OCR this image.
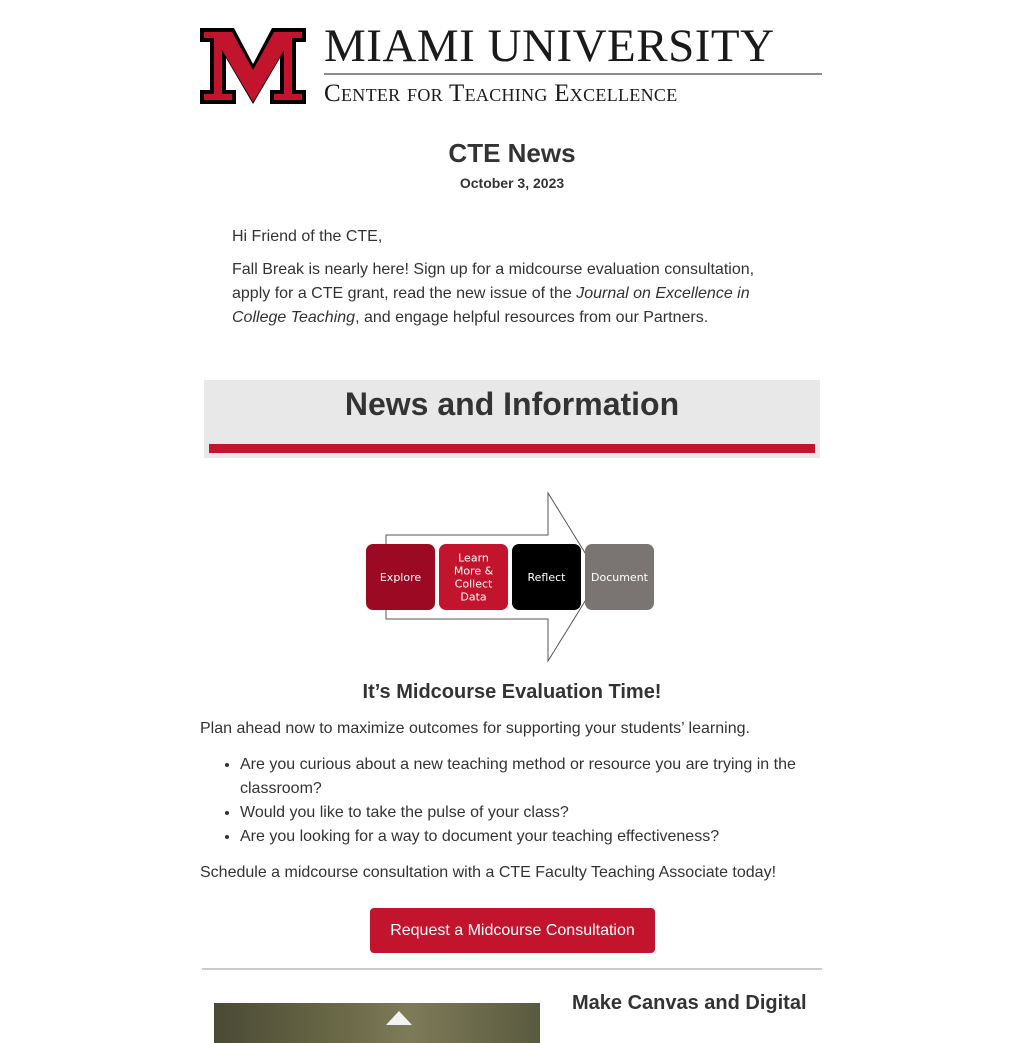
MIAMI UNIVERSITY
Center for Teaching Excellence
CTE News
October 3, 2023
Hi Friend of the CTE,
Fall Break is nearly here! Sign up for a midcourse evaluation consultation, apply for a CTE grant, read the new issue of the Journal on Excellence in College Teaching, and engage helpful resources from our Partners.
News and Information
Explore
Learn
More &
Collect
Data
Reflect Document
It’s Midcourse Evaluation Time!
Plan ahead now to maximize outcomes for supporting your students’ learning.
• Are you curious about a new teaching method or resource you are trying in the classroom?
• Would you like to take the pulse of your class?
• Are you looking for a way to document your teaching effectiveness?
Schedule a midcourse consultation with a CTE Faculty Teaching Associate today!
Request a Midcourse Consultation
Make Canvas and Digital
